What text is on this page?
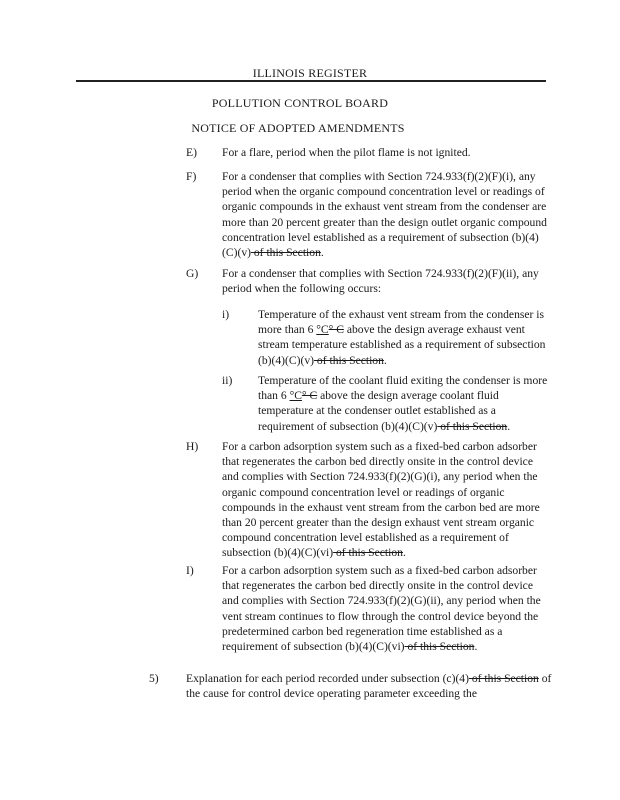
ILLINOIS REGISTER
POLLUTION CONTROL BOARD
NOTICE OF ADOPTED AMENDMENTS
E) For a flare, period when the pilot flame is not ignited.
F) For a condenser that complies with Section 724.933(f)(2)(F)(i), any period when the organic compound concentration level or readings of organic compounds in the exhaust vent stream from the condenser are more than 20 percent greater than the design outlet organic compound concentration level established as a requirement of subsection (b)(4)(C)(v) of this Section.
G) For a condenser that complies with Section 724.933(f)(2)(F)(ii), any period when the following occurs:
i) Temperature of the exhaust vent stream from the condenser is more than 6 °C° C above the design average exhaust vent stream temperature established as a requirement of subsection (b)(4)(C)(v) of this Section.
ii) Temperature of the coolant fluid exiting the condenser is more than 6 °C° C above the design average coolant fluid temperature at the condenser outlet established as a requirement of subsection (b)(4)(C)(v) of this Section.
H) For a carbon adsorption system such as a fixed-bed carbon adsorber that regenerates the carbon bed directly onsite in the control device and complies with Section 724.933(f)(2)(G)(i), any period when the organic compound concentration level or readings of organic compounds in the exhaust vent stream from the carbon bed are more than 20 percent greater than the design exhaust vent stream organic compound concentration level established as a requirement of subsection (b)(4)(C)(vi) of this Section.
I) For a carbon adsorption system such as a fixed-bed carbon adsorber that regenerates the carbon bed directly onsite in the control device and complies with Section 724.933(f)(2)(G)(ii), any period when the vent stream continues to flow through the control device beyond the predetermined carbon bed regeneration time established as a requirement of subsection (b)(4)(C)(vi) of this Section.
5) Explanation for each period recorded under subsection (c)(4) of this Section of the cause for control device operating parameter exceeding the
